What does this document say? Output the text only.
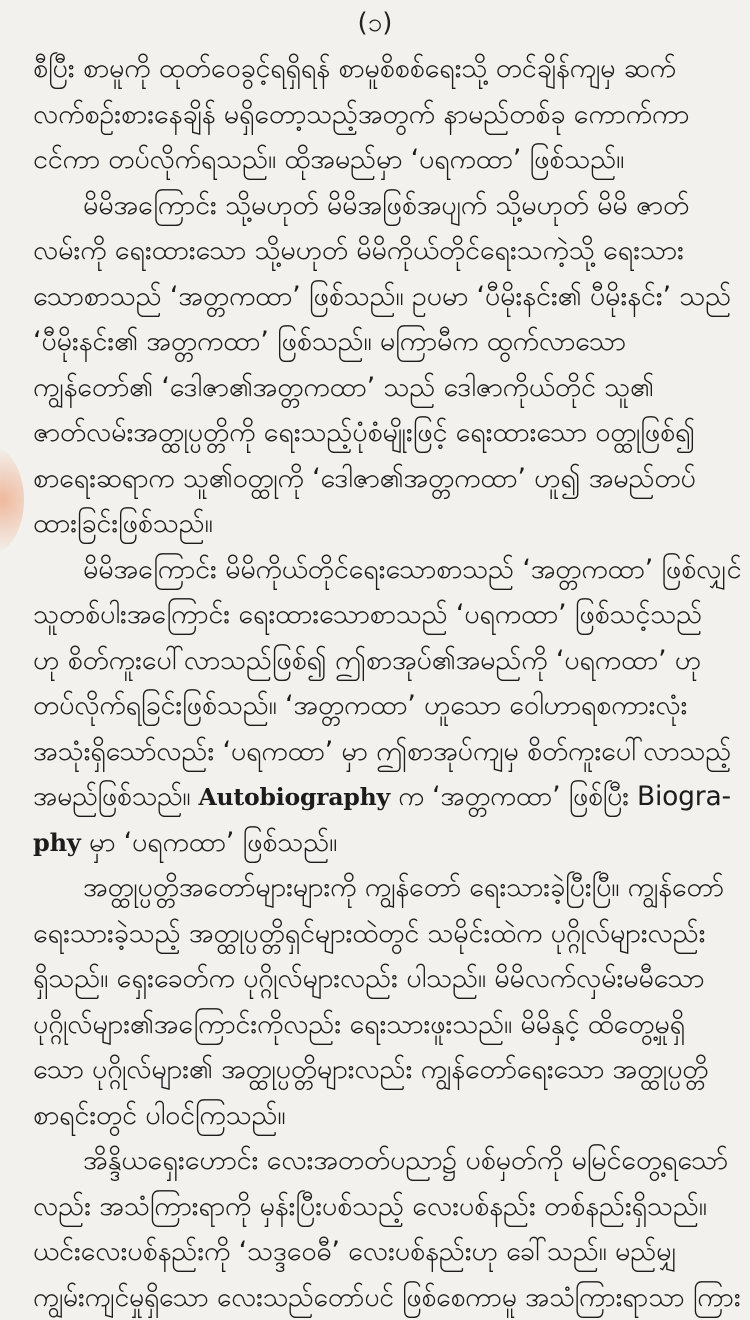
(၁)
စီပြီး စာမူကို ထုတ်ဝေခွင့်ရရှိရန် စာမူစိစစ်ရေးသို့ တင်ချိန်ကျမှ ဆက်
လက်စဉ်းစားနေချိန် မရှိတော့သည့်အတွက် နာမည်တစ်ခု ကောက်ကာ
ငင်ကာ တပ်လိုက်ရသည်။ ထိုအမည်မှာ ‘ပရကထာ’ ဖြစ်သည်။
မိမိအကြောင်း သို့မဟုတ် မိမိအဖြစ်အပျက် သို့မဟုတ် မိမိ ဇာတ်
လမ်းကို ရေးထားသော သို့မဟုတ် မိမိကိုယ်တိုင်ရေးသကဲ့သို့ ရေးသား
သောစာသည် ‘အတ္တကထာ’ ဖြစ်သည်။ ဥပမာ ‘ပီမိုးနင်း၏ ပီမိုးနင်း’ သည်
‘ပီမိုးနင်း၏ အတ္တကထာ’ ဖြစ်သည်။ မကြာမီက ထွက်လာသော
ကျွန်တော်၏ ‘ဒေါဇာ၏အတ္တကထာ’ သည် ဒေါဇာကိုယ်တိုင် သူ၏
ဇာတ်လမ်းအတ္ထုပ္ပတ္တိကို ရေးသည့်ပုံစံမျိုးဖြင့် ရေးထားသော ဝတ္ထုဖြစ်၍
စာရေးဆရာက သူ၏ဝတ္ထုကို ‘ဒေါဇာ၏အတ္တကထာ’ ဟူ၍ အမည်တပ်
ထားခြင်းဖြစ်သည်။
မိမိအကြောင်း မိမိကိုယ်တိုင်ရေးသောစာသည် ‘အတ္တကထာ’ ဖြစ်လျှင်
သူတစ်ပါးအကြောင်း ရေးထားသောစာသည် ‘ပရကထာ’ ဖြစ်သင့်သည်
ဟု စိတ်ကူးပေါ်လာသည်ဖြစ်၍ ဤစာအုပ်၏အမည်ကို ‘ပရကထာ’ ဟု
တပ်လိုက်ရခြင်းဖြစ်သည်။ ‘အတ္တကထာ’ ဟူသော ဝေါဟာရစကားလုံး
အသုံးရှိသော်လည်း ‘ပရကထာ’ မှာ ဤစာအုပ်ကျမှ စိတ်ကူးပေါ်လာသည့်
အမည်ဖြစ်သည်။ Autobiography က ‘အတ္တကထာ’ ဖြစ်ပြီး Biogra-
phy မှာ ‘ပရကထာ’ ဖြစ်သည်။
အတ္ထုပ္ပတ္တိအတော်များများကို ကျွန်တော် ရေးသားခဲ့ပြီးပြီ။ ကျွန်တော်
ရေးသားခဲ့သည့် အတ္ထုပ္ပတ္တိရှင်များထဲတွင် သမိုင်းထဲက ပုဂ္ဂိုလ်များလည်း
ရှိသည်။ ရှေးခေတ်က ပုဂ္ဂိုလ်များလည်း ပါသည်။ မိမိလက်လှမ်းမမီသော
ပုဂ္ဂိုလ်များ၏အကြောင်းကိုလည်း ရေးသားဖူးသည်။ မိမိနှင့် ထိတွေ့မှုရှိ
သော ပုဂ္ဂိုလ်များ၏ အတ္ထုပ္ပတ္တိများလည်း ကျွန်တော်ရေးသော အတ္ထုပ္ပတ္တိ
စာရင်းတွင် ပါဝင်ကြသည်။
အိန္ဒိယရှေးဟောင်း လေးအတတ်ပညာ၌ ပစ်မှတ်ကို မမြင်တွေ့ရသော်
လည်း အသံကြားရာကို မှန်းပြီးပစ်သည့် လေးပစ်နည်း တစ်နည်းရှိသည်။
ယင်းလေးပစ်နည်းကို ‘သဒ္ဒဝေဓီ’ လေးပစ်နည်းဟု ခေါ်သည်။ မည်မျှ
ကျွမ်းကျင်မှုရှိသော လေးသည်တော်ပင် ဖြစ်စေကာမူ အသံကြားရာသာ ကြား
